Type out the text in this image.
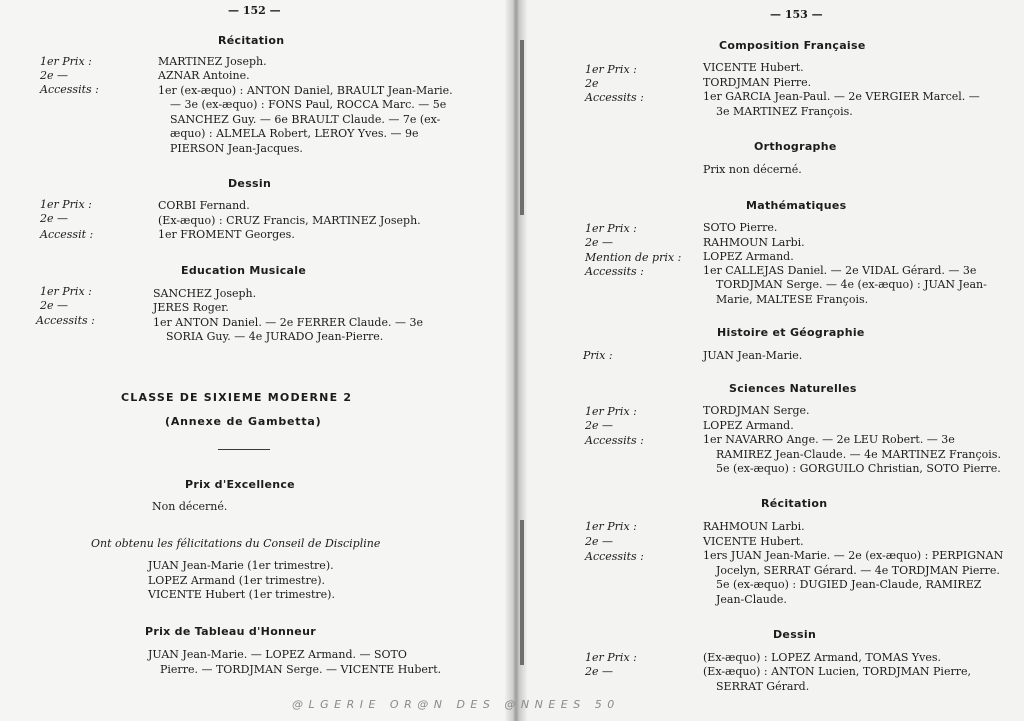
— 152 —
Récitation
1er Prix :
2e —
Accessits :
MARTINEZ Joseph.
AZNAR Antoine.
1er (ex-æquo) : ANTON Daniel, BRAULT Jean-Marie.
— 3e (ex-æquo) : FONS Paul, ROCCA Marc. — 5e
SANCHEZ Guy. — 6e BRAULT Claude. — 7e (ex-
æquo) : ALMELA Robert, LEROY Yves. — 9e
PIERSON Jean-Jacques.
Dessin
1er Prix :
2e —
Accessit :
CORBI Fernand.
(Ex-æquo) : CRUZ Francis, MARTINEZ Joseph.
1er FROMENT Georges.
Education Musicale
1er Prix :
2e —
Accessits :
SANCHEZ Joseph.
JERES Roger.
1er ANTON Daniel. — 2e FERRER Claude. — 3e
SORIA Guy. — 4e JURADO Jean-Pierre.
CLASSE DE SIXIEME MODERNE 2
(Annexe de Gambetta)
Prix d'Excellence
Non décerné.
Ont obtenu les félicitations du Conseil de Discipline
JUAN Jean-Marie (1er trimestre).
LOPEZ Armand (1er trimestre).
VICENTE Hubert (1er trimestre).
Prix de Tableau d'Honneur
JUAN Jean-Marie. — LOPEZ Armand. — SOTO
Pierre. — TORDJMAN Serge. — VICENTE Hubert.
— 153 —
Composition Française
1er Prix :
2e
Accessits :
VICENTE Hubert.
TORDJMAN Pierre.
1er GARCIA Jean-Paul. — 2e VERGIER Marcel. —
3e MARTINEZ François.
Orthographe
Prix non décerné.
Mathématiques
1er Prix :
2e —
Mention de prix :
Accessits :
SOTO Pierre.
RAHMOUN Larbi.
LOPEZ Armand.
1er CALLEJAS Daniel. — 2e VIDAL Gérard. — 3e
TORDJMAN Serge. — 4e (ex-æquo) : JUAN Jean-
Marie, MALTESE François.
Histoire et Géographie
Prix :	JUAN Jean-Marie.
Sciences Naturelles
1er Prix :
2e —
Accessits :
TORDJMAN Serge.
LOPEZ Armand.
1er NAVARRO Ange. — 2e LEU Robert. — 3e
RAMIREZ Jean-Claude. — 4e MARTINEZ François.
5e (ex-æquo) : GORGUILO Christian, SOTO Pierre.
Récitation
1er Prix :
2e —
Accessits :
RAHMOUN Larbi.
VICENTE Hubert.
1ers JUAN Jean-Marie. — 2e (ex-æquo) : PERPIGNAN
Jocelyn, SERRAT Gérard. — 4e TORDJMAN Pierre.
5e (ex-æquo) : DUGIED Jean-Claude, RAMIREZ
Jean-Claude.
Dessin
1er Prix :
2e —
(Ex-æquo) : LOPEZ Armand, TOMAS Yves.
(Ex-æquo) : ANTON Lucien, TORDJMAN Pierre,
SERRAT Gérard.
@LGERIE OR@N DES @NNEES 50
